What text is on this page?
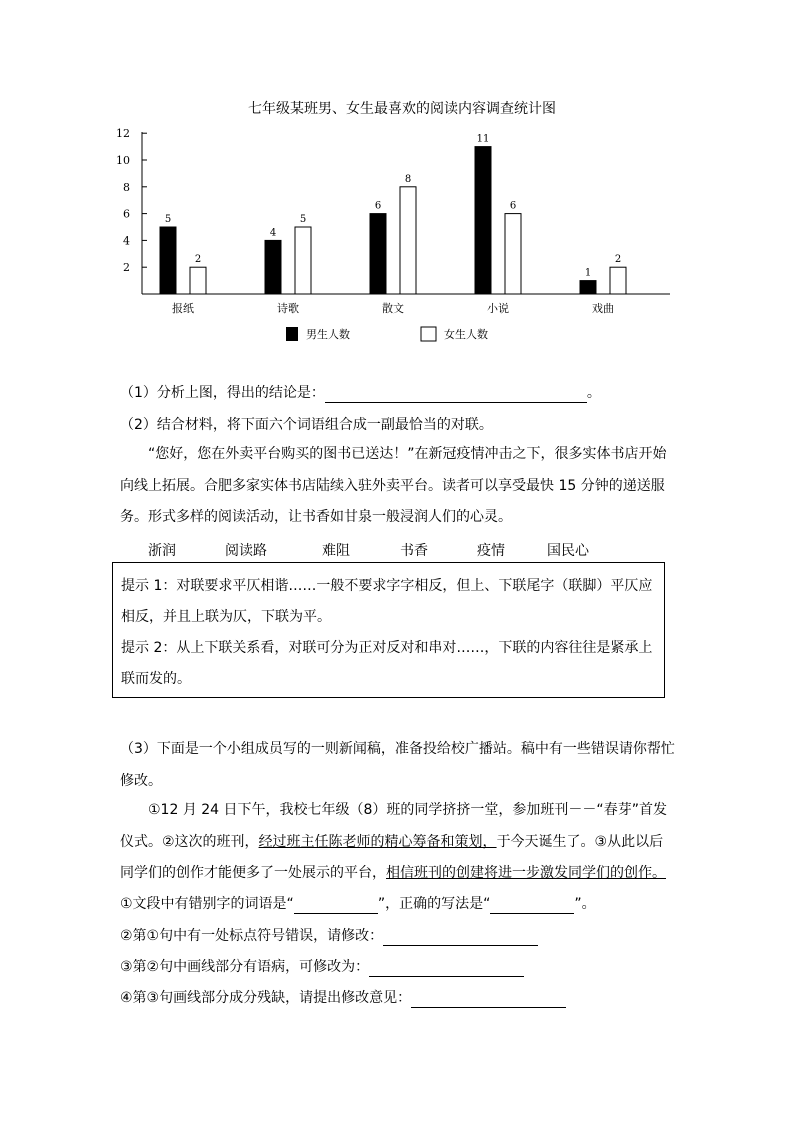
七年级某班男、女生最喜欢的阅读内容调查统计图
2
4
6
8
10
12
5
2
报纸
4
5
诗歌
6
8
散文
11
6
小说
1
2
戏曲
男生人数	女生人数
（1）分析上图，得出的结论是：	。
（2）结合材料，将下面六个词语组合成一副最恰当的对联。
“您好，您在外卖平台购买的图书已送达！”在新冠疫情冲击之下，很多实体书店开始向线上拓展。合肥多家实体书店陆续入驻外卖平台。读者可以享受最快 15 分钟的递送服务。形式多样的阅读活动，让书香如甘泉一般浸润人们的心灵。
浙润	阅读路	难阻	书香	疫情	国民心

提示 1：对联要求平仄相谐……一般不要求字字相反，但上、下联尾字（联脚）平仄应相反，并且上联为仄，下联为平。

提示 2：从上下联关系看，对联可分为正对反对和串对……，下联的内容往往是紧承上联而发的。

（3）下面是一个小组成员写的一则新闻稿，准备投给校广播站。稿中有一些错误请你帮忙修改。
①12 月 24 日下午，我校七年级（8）班的同学挤挤一堂，参加班刊－－“春芽”首发仪式。②这次的班刊，经过班主任陈老师的精心筹备和策划，于今天诞生了。③从此以后同学们的创作才能便多了一处展示的平台，相信班刊的创建将进一步激发同学们的创作。
①文段中有错别字的词语是“	”，正确的写法是“	”。
②第①句中有一处标点符号错误，请修改：
③第②句中画线部分有语病，可修改为：
④第③句画线部分成分残缺，请提出修改意见：
